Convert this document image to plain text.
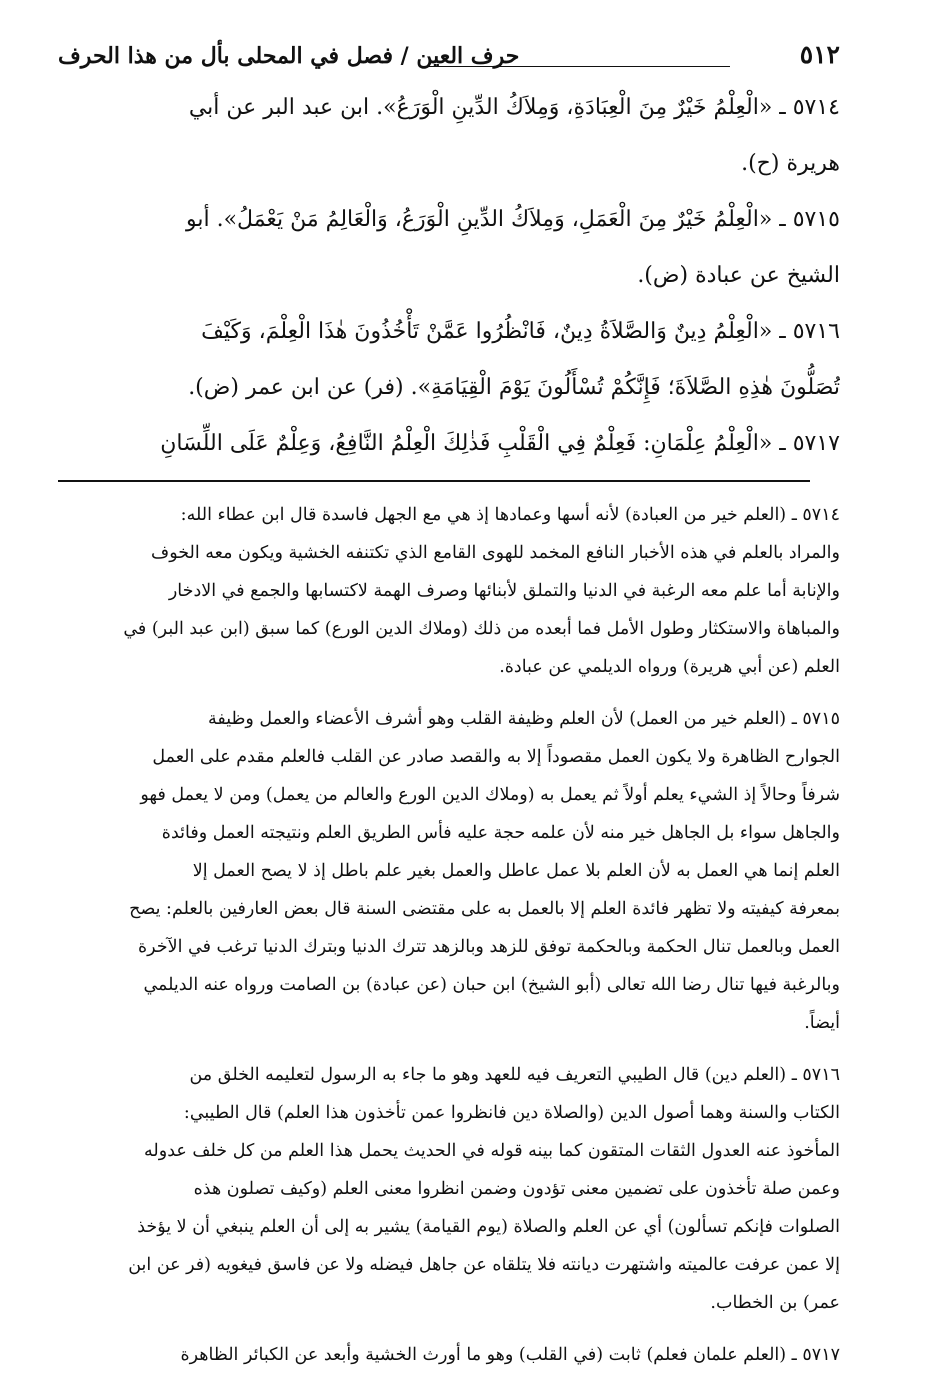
٥١٢
حرف العين / فصل في المحلى بأل من هذا الحرف

٥٧١٤ ـ «الْعِلْمُ خَيْرٌ مِنَ الْعِبَادَةِ، وَمِلاَكُ الدِّينِ الْوَرَعُ». ابن عبد البر عن أبي
هريرة (ح).

٥٧١٥ ـ «الْعِلْمُ خَيْرٌ مِنَ الْعَمَلِ، وَمِلاَكُ الدِّينِ الْوَرَعُ، وَالْعَالِمُ مَنْ يَعْمَلُ». أبو
الشيخ عن عبادة (ض).

٥٧١٦ ـ «الْعِلْمُ دِينٌ وَالصَّلاَةُ دِينٌ، فَانْظُرُوا عَمَّنْ تَأْخُذُونَ هٰذَا الْعِلْمَ، وَكَيْفَ
تُصَلُّونَ هٰذِهِ الصَّلاَةَ؛ فَإِنَّكُمْ تُسْأَلُونَ يَوْمَ الْقِيَامَةِ». (فر) عن ابن عمر (ض).

٥٧١٧ ـ «الْعِلْمُ عِلْمَانِ: فَعِلْمٌ فِي الْقَلْبِ فَذٰلِكَ الْعِلْمُ النَّافِعُ، وَعِلْمٌ عَلَى اللِّسَانِ

٥٧١٤ ـ (العلم خير من العبادة) لأنه أسها وعمادها إذ هي مع الجهل فاسدة قال ابن عطاء الله:
والمراد بالعلم في هذه الأخبار النافع المخمد للهوى القامع الذي تكتنفه الخشية ويكون معه الخوف
والإنابة أما علم معه الرغبة في الدنيا والتملق لأبنائها وصرف الهمة لاكتسابها والجمع في الادخار
والمباهاة والاستكثار وطول الأمل فما أبعده من ذلك (وملاك الدين الورع) كما سبق (ابن عبد البر) في
العلم (عن أبي هريرة) ورواه الديلمي عن عبادة.

٥٧١٥ ـ (العلم خير من العمل) لأن العلم وظيفة القلب وهو أشرف الأعضاء والعمل وظيفة
الجوارح الظاهرة ولا يكون العمل مقصوداً إلا به والقصد صادر عن القلب فالعلم مقدم على العمل
شرفاً وحالاً إذ الشيء يعلم أولاً ثم يعمل به (وملاك الدين الورع والعالم من يعمل) ومن لا يعمل فهو
والجاهل سواء بل الجاهل خير منه لأن علمه حجة عليه فأس الطريق العلم ونتيجته العمل وفائدة
العلم إنما هي العمل به لأن العلم بلا عمل عاطل والعمل بغير علم باطل إذ لا يصح العمل إلا
بمعرفة كيفيته ولا تظهر فائدة العلم إلا بالعمل به على مقتضى السنة قال بعض العارفين بالعلم: يصح
العمل وبالعمل تنال الحكمة وبالحكمة توفق للزهد وبالزهد تترك الدنيا وبترك الدنيا ترغب في الآخرة
وبالرغبة فيها تنال رضا الله تعالى (أبو الشيخ) ابن حبان (عن عبادة) بن الصامت ورواه عنه الديلمي
أيضاً.

٥٧١٦ ـ (العلم دين) قال الطيبي التعريف فيه للعهد وهو ما جاء به الرسول لتعليمه الخلق من
الكتاب والسنة وهما أصول الدين (والصلاة دين فانظروا عمن تأخذون هذا العلم) قال الطيبي:
المأخوذ عنه العدول الثقات المتقون كما بينه قوله في الحديث يحمل هذا العلم من كل خلف عدوله
وعمن صلة تأخذون على تضمين معنى تؤدون وضمن انظروا معنى العلم (وكيف تصلون هذه
الصلوات فإنكم تسألون) أي عن العلم والصلاة (يوم القيامة) يشير به إلى أن العلم ينبغي أن لا يؤخذ
إلا عمن عرفت عالميته واشتهرت ديانته فلا يتلقاه عن جاهل فيضله ولا عن فاسق فيغويه (فر عن ابن
عمر) بن الخطاب.

٥٧١٧ ـ (العلم علمان فعلم) ثابت (في القلب) وهو ما أورث الخشية وأبعد عن الكبائر الظاهرة
